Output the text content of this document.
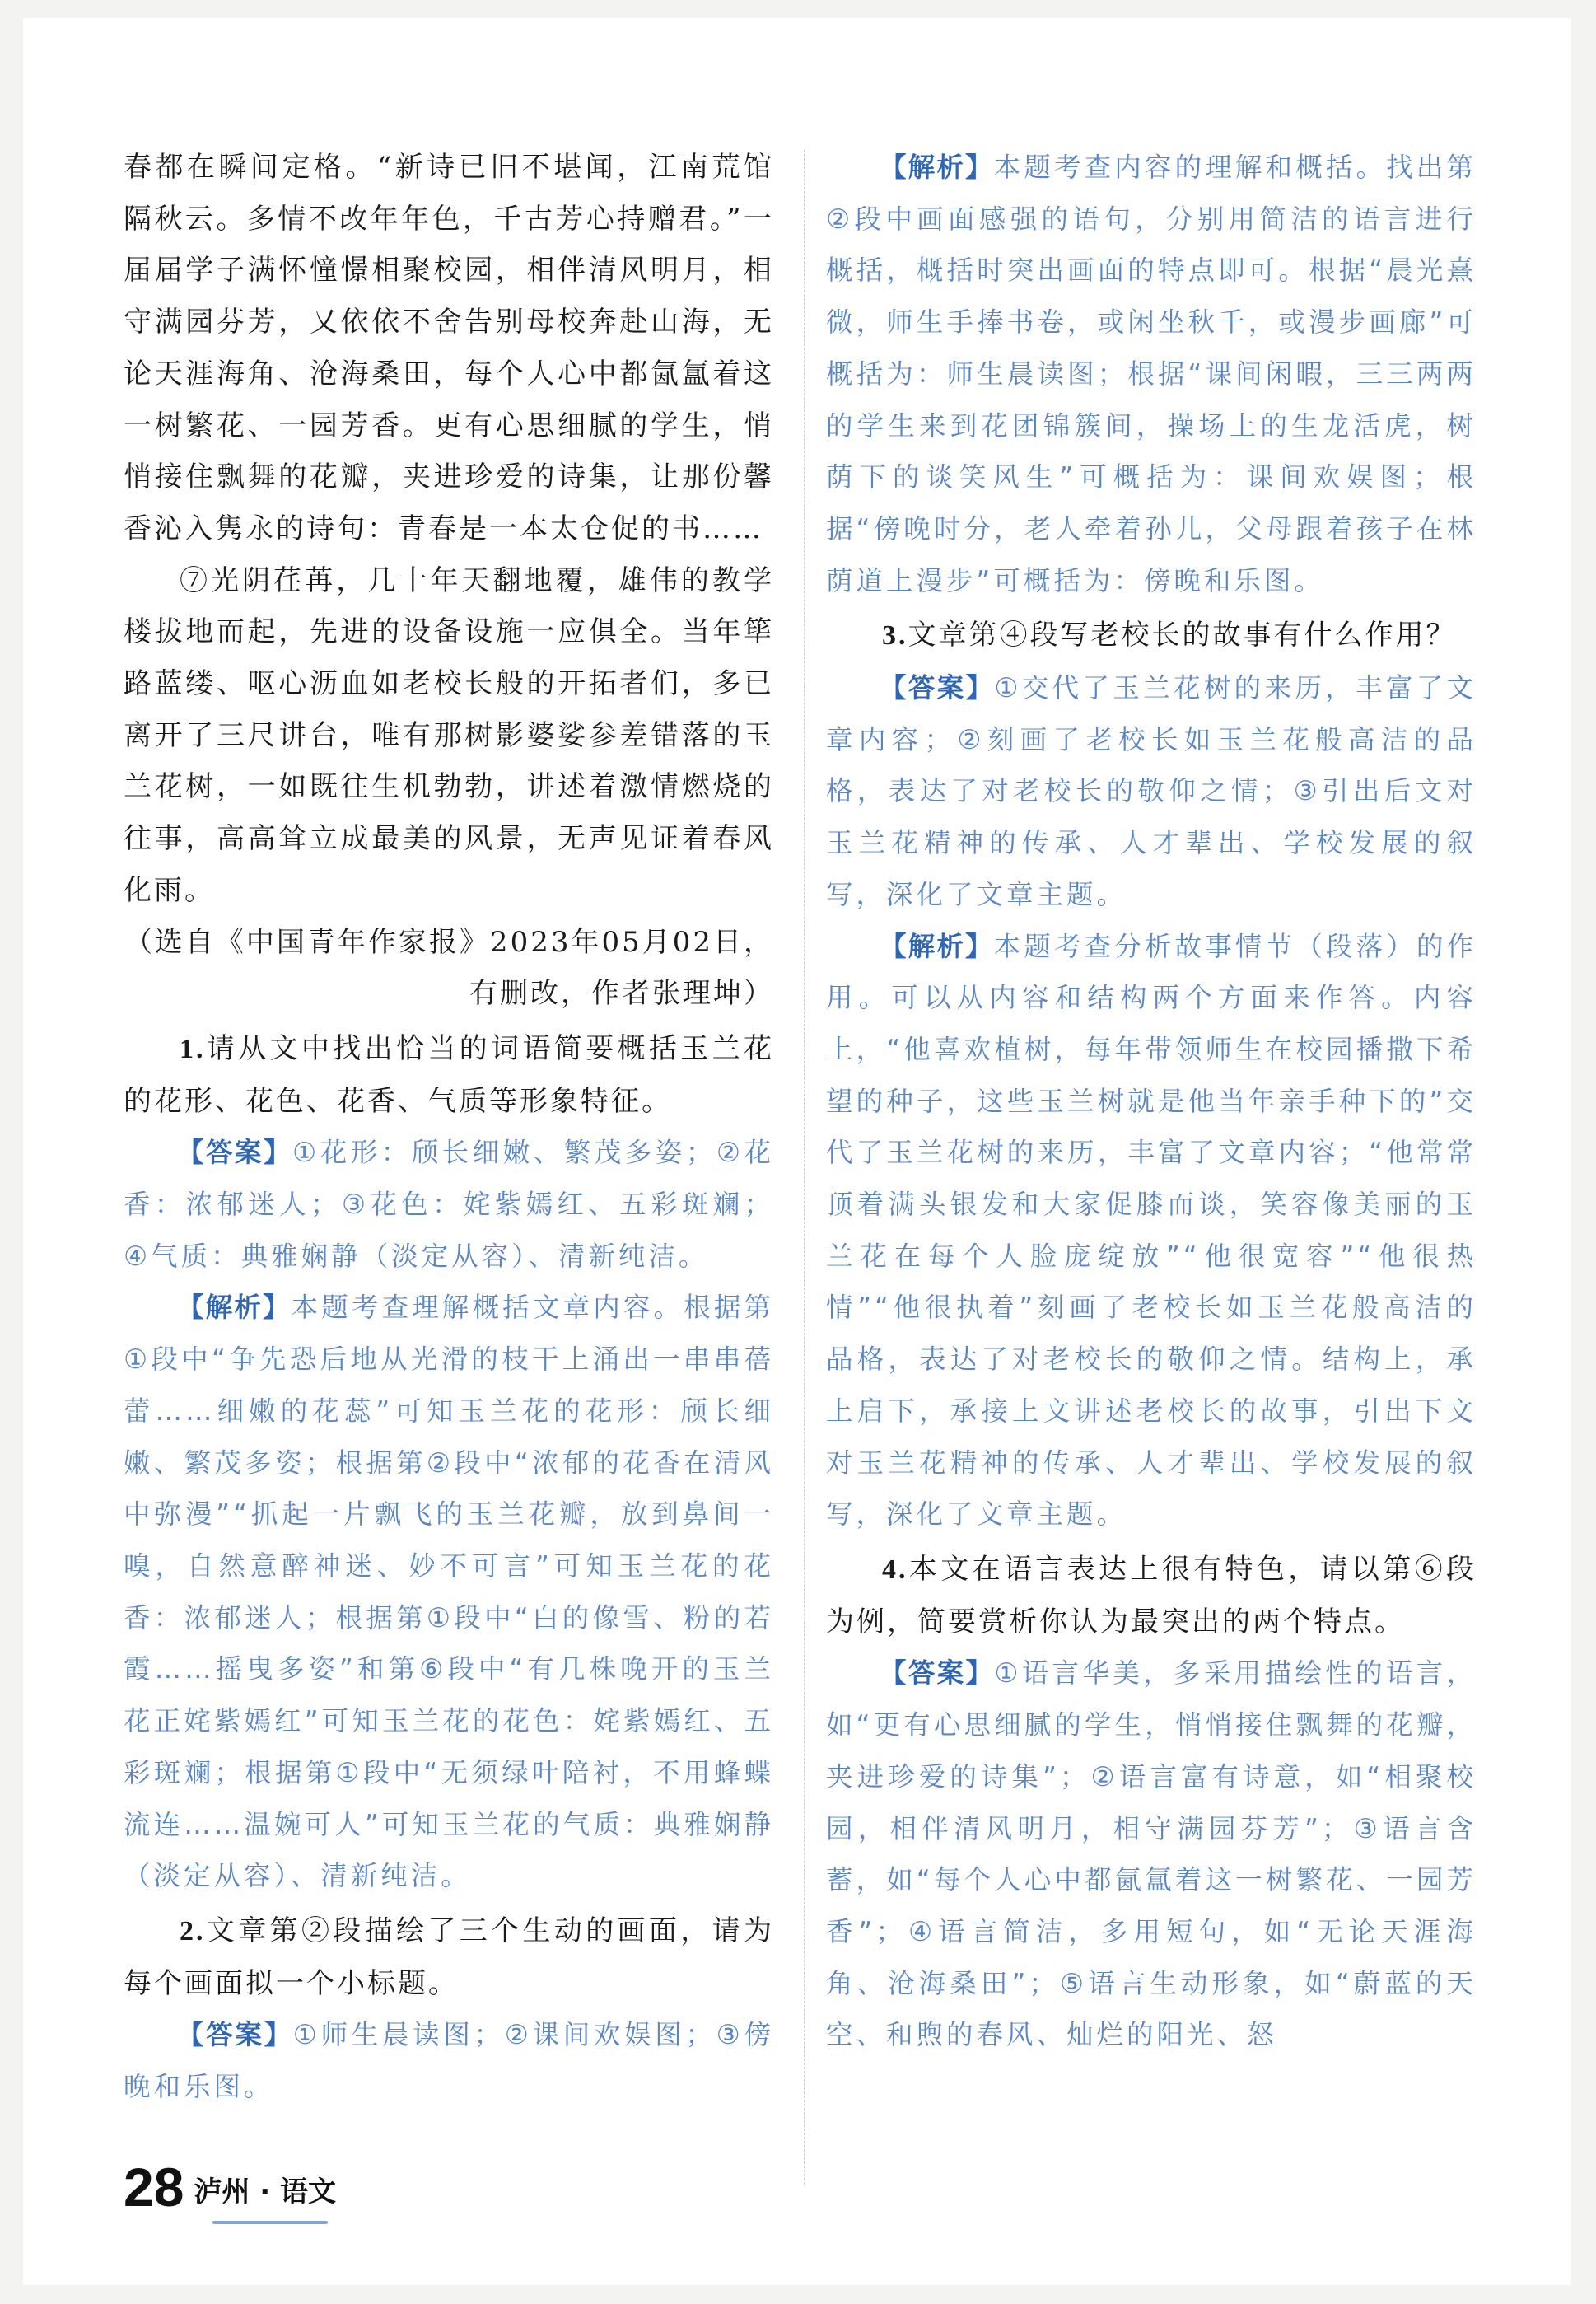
春都在瞬间定格。“新诗已旧不堪闻，江南荒馆隔秋云。多情不改年年色，千古芳心持赠君。”一届届学子满怀憧憬相聚校园，相伴清风明月，相守满园芬芳，又依依不舍告别母校奔赴山海，无论天涯海角、沧海桑田，每个人心中都氤氲着这一树繁花、一园芳香。更有心思细腻的学生，悄悄接住飘舞的花瓣，夹进珍爱的诗集，让那份馨香沁入隽永的诗句：青春是一本太仓促的书……

⑦光阴荏苒，几十年天翻地覆，雄伟的教学楼拔地而起，先进的设备设施一应俱全。当年筚路蓝缕、呕心沥血如老校长般的开拓者们，多已离开了三尺讲台，唯有那树影婆娑参差错落的玉兰花树，一如既往生机勃勃，讲述着激情燃烧的往事，高高耸立成最美的风景，无声见证着春风化雨。

（选自《中国青年作家报》2023年05月02日，有删改，作者张理坤）

1.请从文中找出恰当的词语简要概括玉兰花的花形、花色、花香、气质等形象特征。

【答案】①花形：颀长细嫩、繁茂多姿；②花香：浓郁迷人；③花色：姹紫嫣红、五彩斑斓；④气质：典雅娴静（淡定从容）、清新纯洁。

【解析】本题考查理解概括文章内容。根据第①段中“争先恐后地从光滑的枝干上涌出一串串蓓蕾……细嫩的花蕊”可知玉兰花的花形：颀长细嫩、繁茂多姿；根据第②段中“浓郁的花香在清风中弥漫”“抓起一片飘飞的玉兰花瓣，放到鼻间一嗅，自然意醉神迷、妙不可言”可知玉兰花的花香：浓郁迷人；根据第①段中“白的像雪、粉的若霞……摇曳多姿”和第⑥段中“有几株晚开的玉兰花正姹紫嫣红”可知玉兰花的花色：姹紫嫣红、五彩斑斓；根据第①段中“无须绿叶陪衬，不用蜂蝶流连……温婉可人”可知玉兰花的气质：典雅娴静（淡定从容）、清新纯洁。

2.文章第②段描绘了三个生动的画面，请为每个画面拟一个小标题。

【答案】①师生晨读图；②课间欢娱图；③傍晚和乐图。

【解析】本题考查内容的理解和概括。找出第②段中画面感强的语句，分别用简洁的语言进行概括，概括时突出画面的特点即可。根据“晨光熹微，师生手捧书卷，或闲坐秋千，或漫步画廊”可概括为：师生晨读图；根据“课间闲暇，三三两两的学生来到花团锦簇间，操场上的生龙活虎，树荫下的谈笑风生”可概括为：课间欢娱图；根据“傍晚时分，老人牵着孙儿，父母跟着孩子在林荫道上漫步”可概括为：傍晚和乐图。

3.文章第④段写老校长的故事有什么作用？

【答案】①交代了玉兰花树的来历，丰富了文章内容；②刻画了老校长如玉兰花般高洁的品格，表达了对老校长的敬仰之情；③引出后文对玉兰花精神的传承、人才辈出、学校发展的叙写，深化了文章主题。

【解析】本题考查分析故事情节（段落）的作用。可以从内容和结构两个方面来作答。内容上，“他喜欢植树，每年带领师生在校园播撒下希望的种子，这些玉兰树就是他当年亲手种下的”交代了玉兰花树的来历，丰富了文章内容；“他常常顶着满头银发和大家促膝而谈，笑容像美丽的玉兰花在每个人脸庞绽放”“他很宽容”“他很热情”“他很执着”刻画了老校长如玉兰花般高洁的品格，表达了对老校长的敬仰之情。结构上，承上启下，承接上文讲述老校长的故事，引出下文对玉兰花精神的传承、人才辈出、学校发展的叙写，深化了文章主题。

4.本文在语言表达上很有特色，请以第⑥段为例，简要赏析你认为最突出的两个特点。

【答案】①语言华美，多采用描绘性的语言，如“更有心思细腻的学生，悄悄接住飘舞的花瓣，夹进珍爱的诗集”；②语言富有诗意，如“相聚校园，相伴清风明月，相守满园芬芳”；③语言含蓄，如“每个人心中都氤氲着这一树繁花、一园芳香”；④语言简洁，多用短句，如“无论天涯海角、沧海桑田”；⑤语言生动形象，如“蔚蓝的天空、和煦的春风、灿烂的阳光、怒

28 泸州 · 语文
